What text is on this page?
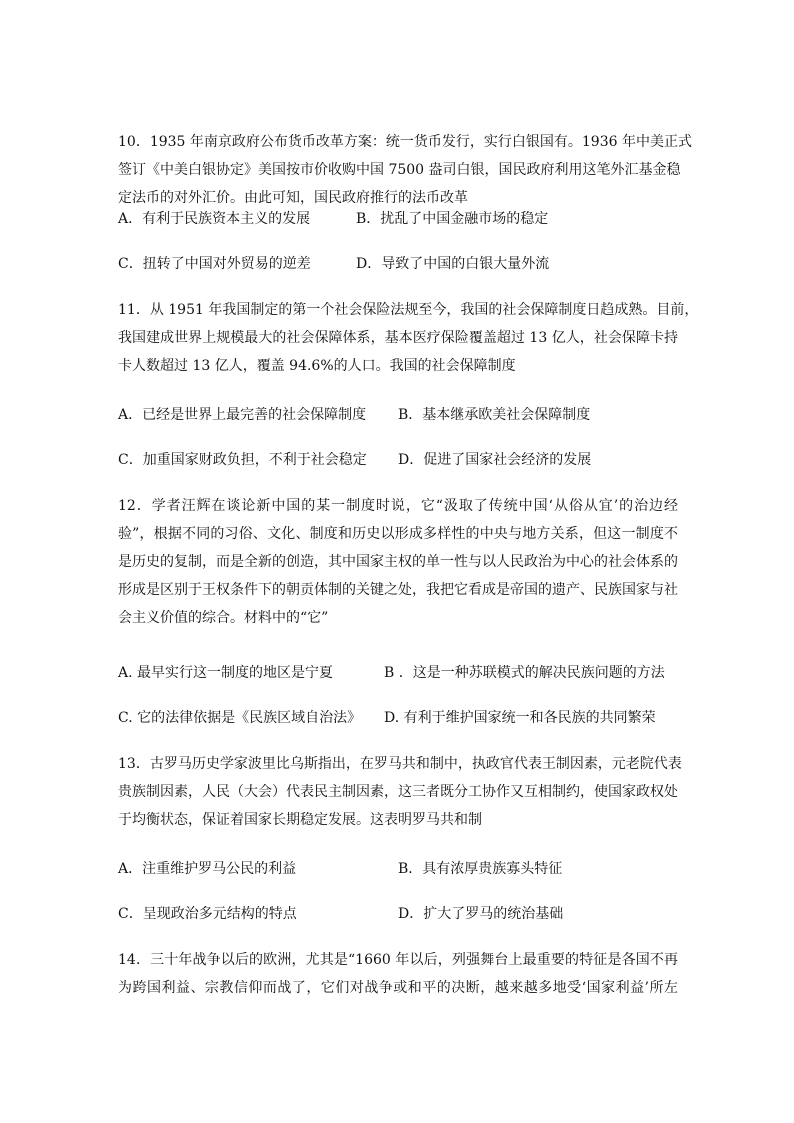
10．1935 年南京政府公布货币改革方案：统一货币发行，实行白银国有。1936 年中美正式

签订《中美白银协定》美国按市价收购中国 7500 盎司白银，国民政府利用这笔外汇基金稳

定法币的对外汇价。由此可知，国民政府推行的法币改革

A．有利于民族资本主义的发展	B．扰乱了中国金融市场的稳定
C．扭转了中国对外贸易的逆差	D．导致了中国的白银大量外流

11．从 1951 年我国制定的第一个社会保险法规至今，我国的社会保障制度日趋成熟。目前，

我国建成世界上规模最大的社会保障体系，基本医疗保险覆盖超过 13 亿人，社会保障卡持

卡人数超过 13 亿人，覆盖 94.6%的人口。我国的社会保障制度

A．已经是世界上最完善的社会保障制度 B．基本继承欧美社会保障制度
C．加重国家财政负担，不利于社会稳定 D．促进了国家社会经济的发展

12．学者汪辉在谈论新中国的某一制度时说，它“汲取了传统中国‘从俗从宜’的治边经

验”，根据不同的习俗、文化、制度和历史以形成多样性的中央与地方关系，但这一制度不

是历史的复制，而是全新的创造，其中国家主权的单一性与以人民政治为中心的社会体系的

形成是区别于王权条件下的朝贡体制的关键之处，我把它看成是帝国的遗产、民族国家与社

会主义价值的综合。材料中的“它”

A. 最早实行这一制度的地区是宁夏	B ．这是一种苏联模式的解决民族问题的方法
C. 它的法律依据是《民族区域自治法》 D. 有利于维护国家统一和各民族的共同繁荣

13．古罗马历史学家波里比乌斯指出，在罗马共和制中，执政官代表王制因素，元老院代表

贵族制因素，人民（大会）代表民主制因素，这三者既分工协作又互相制约，使国家政权处

于均衡状态，保证着国家长期稳定发展。这表明罗马共和制

A．注重维护罗马公民的利益	B．具有浓厚贵族寡头特征
C．呈现政治多元结构的特点	D．扩大了罗马的统治基础

14．三十年战争以后的欧洲，尤其是“1660 年以后，列强舞台上最重要的特征是各国不再

为跨国利益、宗教信仰而战了，它们对战争或和平的决断，越来越多地受‘国家利益’所左
